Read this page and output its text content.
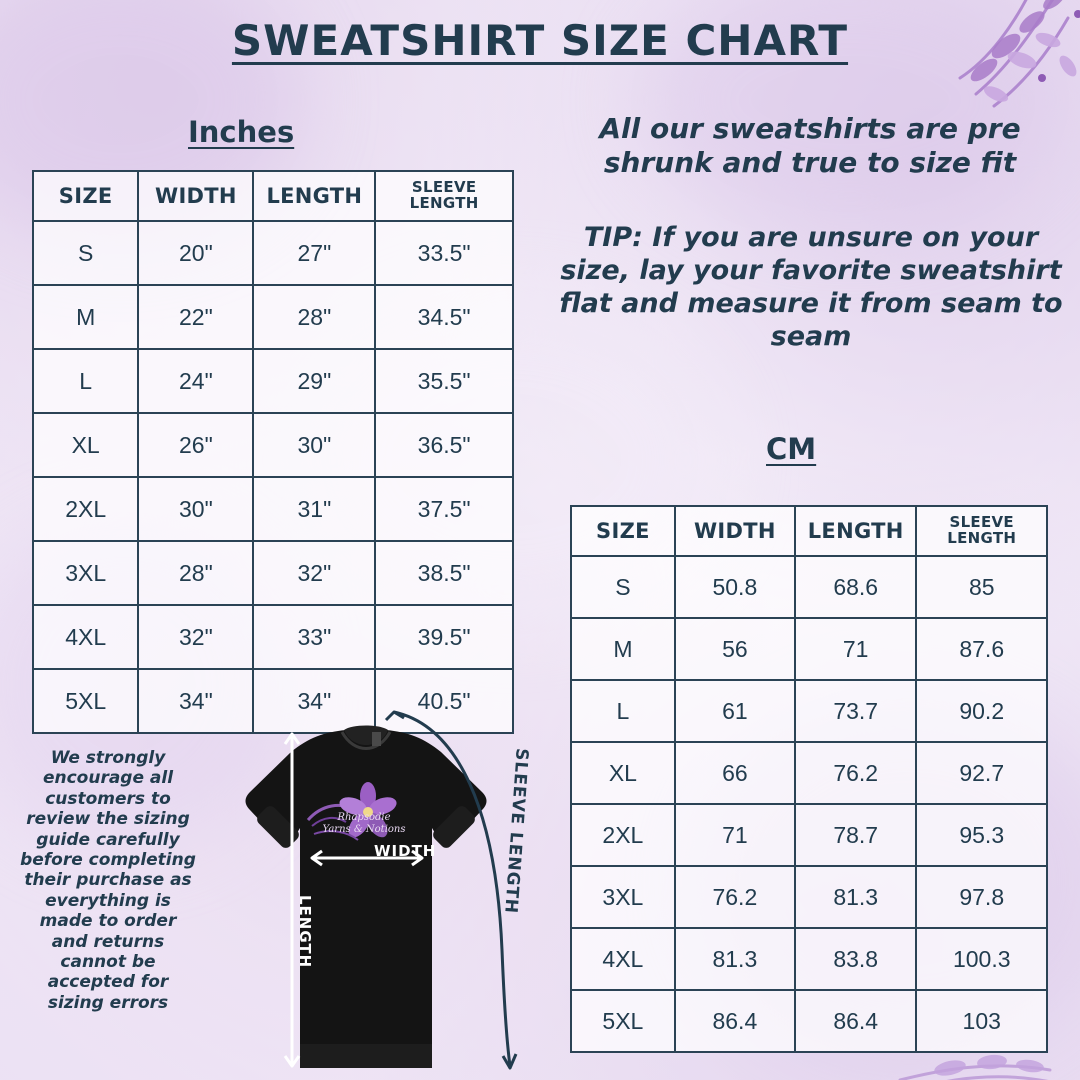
SWEATSHIRT SIZE CHART
Inches
CM
All our sweatshirts are pre shrunk and true to size fit
TIP: If you are unsure on your size, lay your favorite sweatshirt flat and measure it from seam to seam
We strongly encourage all customers to review the sizing guide carefully before completing their purchase as everything is made to order and returns cannot be accepted for sizing errors
SIZE	WIDTH	LENGTH	SLEEVE LENGTH
S	20"	27"	33.5"
M	22"	28"	34.5"
L	24"	29"	35.5"
XL	26"	30"	36.5"
2XL	30"	31"	37.5"
3XL	28"	32"	38.5"
4XL	32"	33"	39.5"
5XL	34"	34"	40.5"
SIZE	WIDTH	LENGTH	SLEEVE LENGTH
S	50.8	68.6	85
M	56	71	87.6
L	61	73.7	90.2
XL	66	76.2	92.7
2XL	71	78.7	95.3
3XL	76.2	81.3	97.8
4XL	81.3	83.8	100.3
5XL	86.4	86.4	103
Rhapsodie
Yarns & Notions
WIDTH
LENGTH
SLEEVE LENGTH
